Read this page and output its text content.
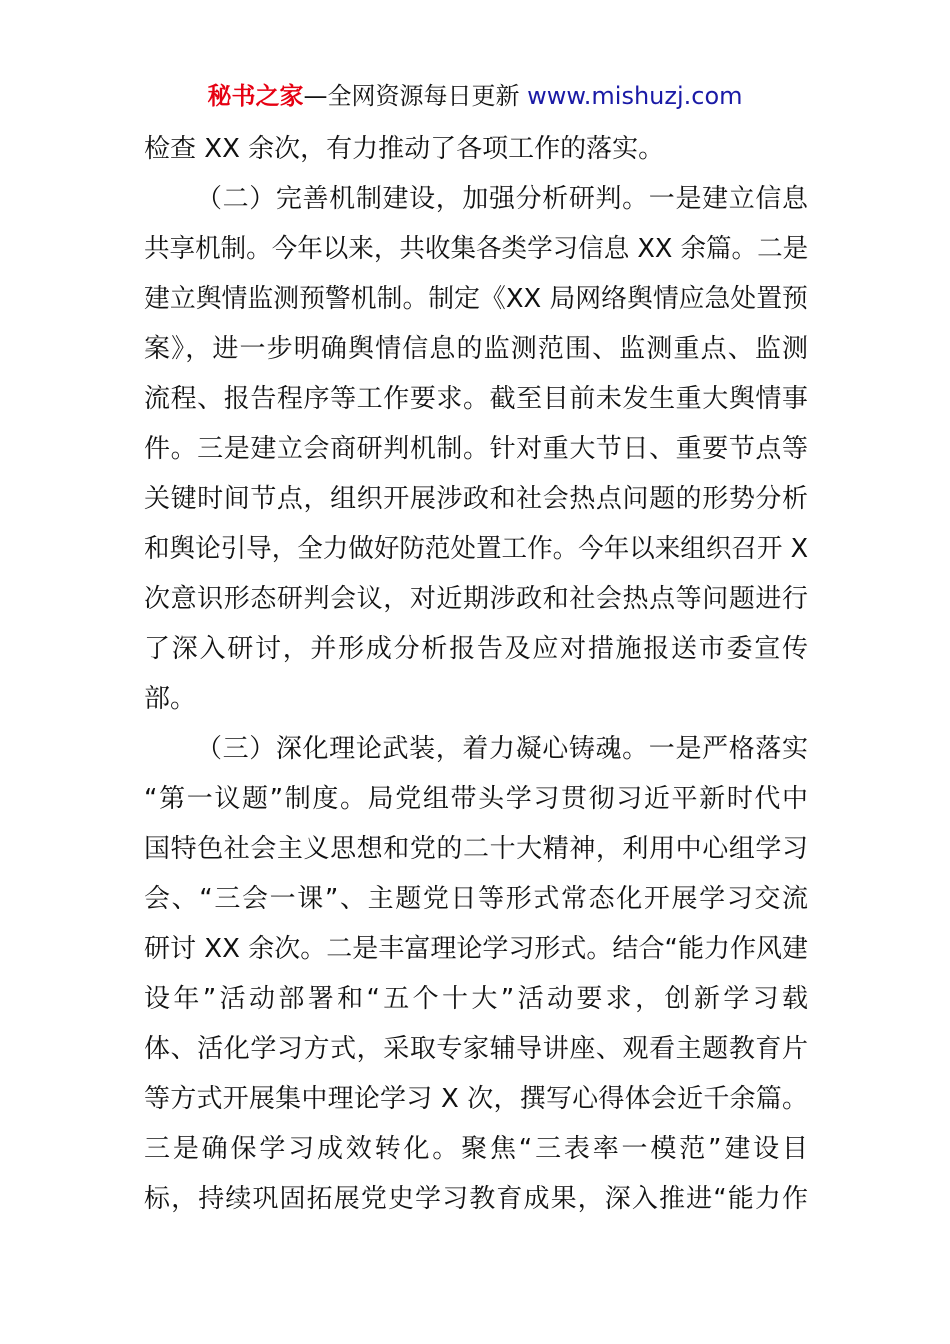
秘书之家—全网资源每日更新 www.mishuzj.com
检查 XX 余次，有力推动了各项工作的落实。
（二）完善机制建设，加强分析研判。一是建立信息
共享机制。今年以来，共收集各类学习信息 XX 余篇。二是
建立舆情监测预警机制。制定《XX 局网络舆情应急处置预
案》，进一步明确舆情信息的监测范围、监测重点、监测
流程、报告程序等工作要求。截至目前未发生重大舆情事
件。三是建立会商研判机制。针对重大节日、重要节点等
关键时间节点，组织开展涉政和社会热点问题的形势分析
和舆论引导，全力做好防范处置工作。今年以来组织召开 X
次意识形态研判会议，对近期涉政和社会热点等问题进行
了深入研讨，并形成分析报告及应对措施报送市委宣传
部。
（三）深化理论武装，着力凝心铸魂。一是严格落实
“第一议题”制度。局党组带头学习贯彻习近平新时代中
国特色社会主义思想和党的二十大精神，利用中心组学习
会、“三会一课”、主题党日等形式常态化开展学习交流
研讨 XX 余次。二是丰富理论学习形式。结合“能力作风建
设年”活动部署和“五个十大”活动要求，创新学习载
体、活化学习方式，采取专家辅导讲座、观看主题教育片
等方式开展集中理论学习 X 次，撰写心得体会近千余篇。
三是确保学习成效转化。聚焦“三表率一模范”建设目
标，持续巩固拓展党史学习教育成果，深入推进“能力作
